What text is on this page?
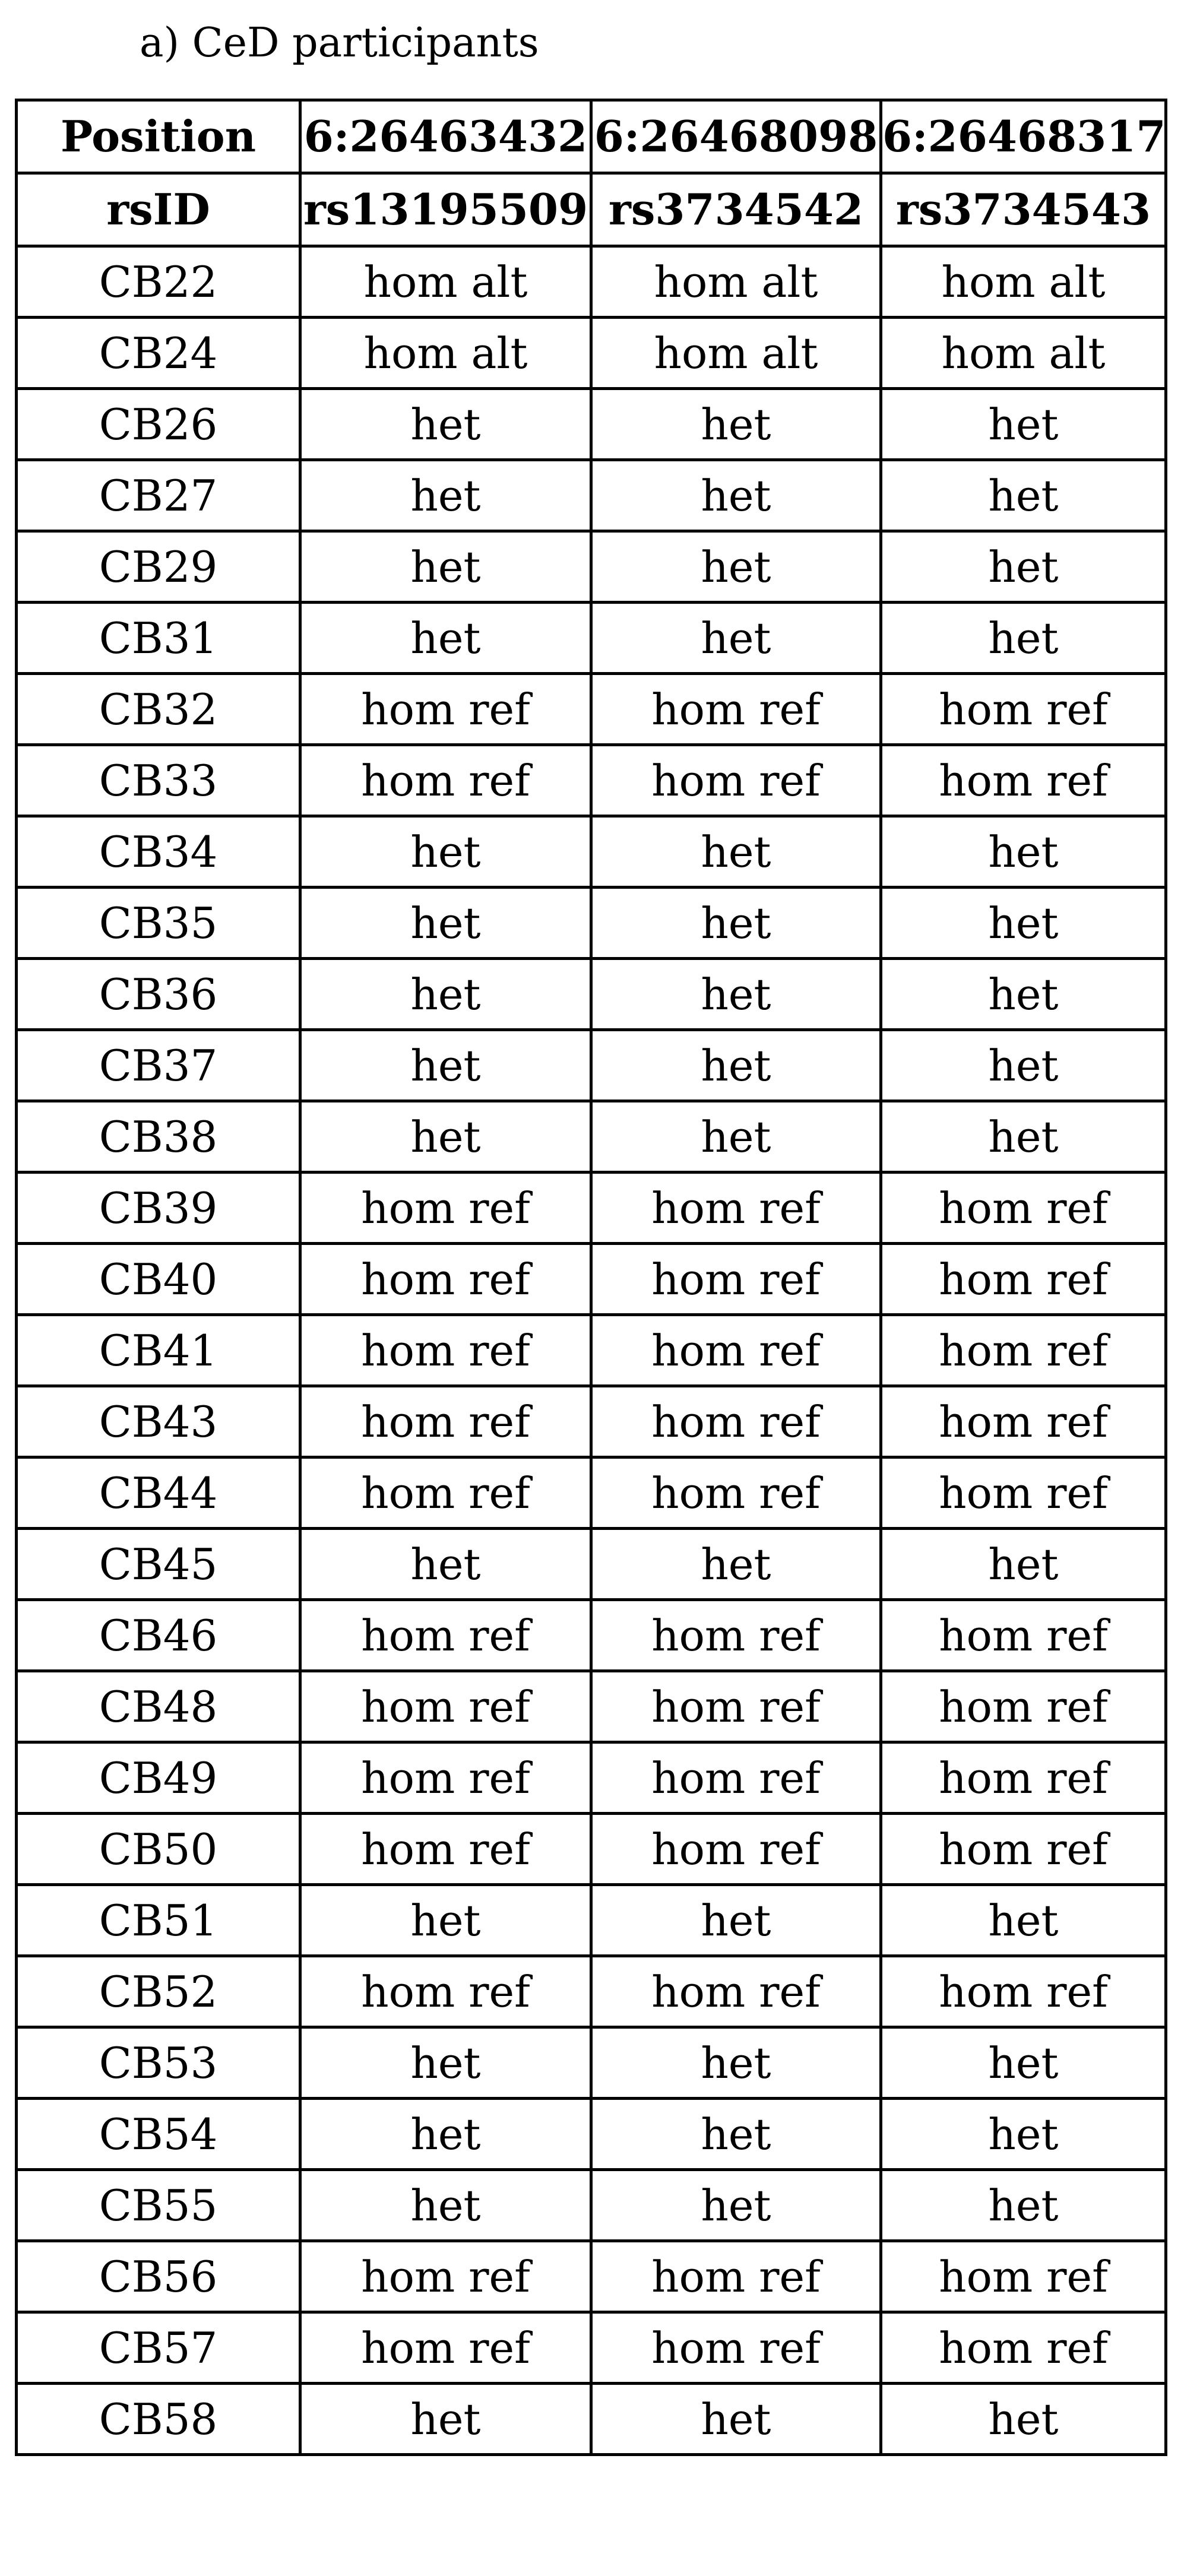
a) CeD participants
Position	6:26463432	6:26468098	6:26468317
rsID	rs13195509	rs3734542	rs3734543
CB22	hom alt	hom alt	hom alt
CB24	hom alt	hom alt	hom alt
CB26	het	het	het
CB27	het	het	het
CB29	het	het	het
CB31	het	het	het
CB32	hom ref	hom ref	hom ref
CB33	hom ref	hom ref	hom ref
CB34	het	het	het
CB35	het	het	het
CB36	het	het	het
CB37	het	het	het
CB38	het	het	het
CB39	hom ref	hom ref	hom ref
CB40	hom ref	hom ref	hom ref
CB41	hom ref	hom ref	hom ref
CB43	hom ref	hom ref	hom ref
CB44	hom ref	hom ref	hom ref
CB45	het	het	het
CB46	hom ref	hom ref	hom ref
CB48	hom ref	hom ref	hom ref
CB49	hom ref	hom ref	hom ref
CB50	hom ref	hom ref	hom ref
CB51	het	het	het
CB52	hom ref	hom ref	hom ref
CB53	het	het	het
CB54	het	het	het
CB55	het	het	het
CB56	hom ref	hom ref	hom ref
CB57	hom ref	hom ref	hom ref
CB58	het	het	het
